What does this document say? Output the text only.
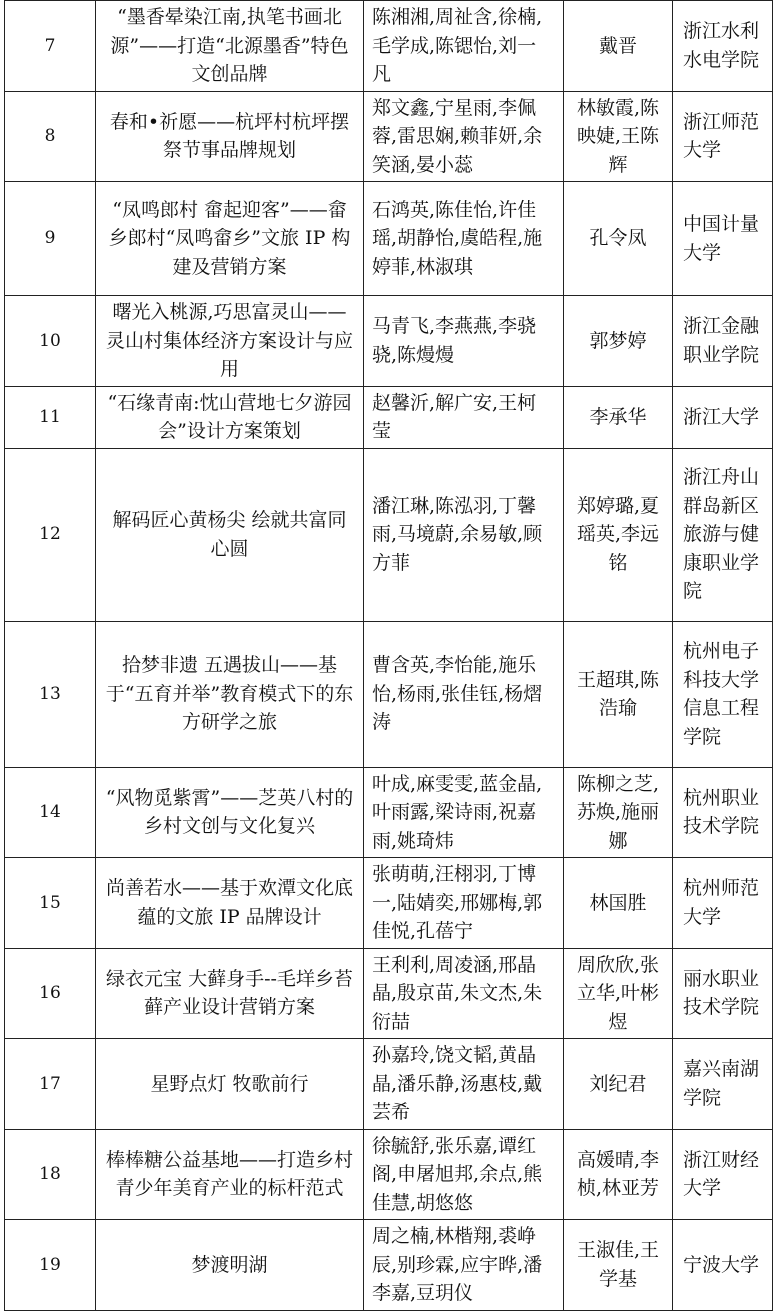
7	“墨香晕染江南,执笔书画北源”——打造“北源墨香”特色文创品牌	陈湘湘,周祉含,徐楠,毛学成,陈锶怡,刘一凡	戴晋	浙江水利水电学院
8	春和•祈愿——杭坪村杭坪摆祭节事品牌规划	郑文鑫,宁星雨,李佩蓉,雷思娴,赖菲妍,余笑涵,晏小蕊	林敏霞,陈映婕,王陈辉	浙江师范大学
9	“凤鸣郎村 畲起迎客”——畲乡郎村“凤鸣畲乡”文旅 IP 构建及营销方案	石鸿英,陈佳怡,许佳瑶,胡静怡,虞皓程,施婷菲,林淑琪	孔令凤	中国计量大学
10	曙光入桃源,巧思富灵山——灵山村集体经济方案设计与应用	马青飞,李燕燕,李骁骁,陈熳熳	郭梦婷	浙江金融职业学院
11	“石缘青南:忱山营地七夕游园会”设计方案策划	赵馨沂,解广安,王柯莹	李承华	浙江大学
12	解码匠心黄杨尖 绘就共富同心圆	潘江琳,陈泓羽,丁馨雨,马境蔚,余易敏,顾方菲	郑婷璐,夏瑶英,李远铭	浙江舟山群岛新区旅游与健康职业学院
13	拾梦非遗 五遇拔山——基于“五育并举”教育模式下的东方研学之旅	曹含英,李怡能,施乐怡,杨雨,张佳钰,杨熠涛	王超琪,陈浩瑜	杭州电子科技大学信息工程学院
14	“风物觅紫霄”——芝英八村的乡村文创与文化复兴	叶成,麻雯雯,蓝金晶,叶雨露,梁诗雨,祝嘉雨,姚琦炜	陈柳之芝,苏焕,施丽娜	杭州职业技术学院
15	尚善若水——基于欢潭文化底蕴的文旅 IP 品牌设计	张萌萌,汪栩羽,丁博一,陆婧奕,邢娜梅,郭佳悦,孔蓓宁	林国胜	杭州师范大学
16	绿衣元宝 大藓身手--毛垟乡苔藓产业设计营销方案	王利利,周凌涵,邢晶晶,殷京苗,朱文杰,朱衍喆	周欣欣,张立华,叶彬煜	丽水职业技术学院
17	星野点灯 牧歌前行	孙嘉玲,饶文韬,黄晶晶,潘乐静,汤惠枝,戴芸希	刘纪君	嘉兴南湖学院
18	棒棒糖公益基地——打造乡村青少年美育产业的标杆范式	徐毓舒,张乐嘉,谭红阁,申屠旭邦,余点,熊佳慧,胡悠悠	高媛晴,李桢,林亚芳	浙江财经大学
19	梦渡明湖	周之楠,林楷翔,裘峥辰,别珍霖,应宇晔,潘李嘉,豆玥仪	王淑佳,王学基	宁波大学
